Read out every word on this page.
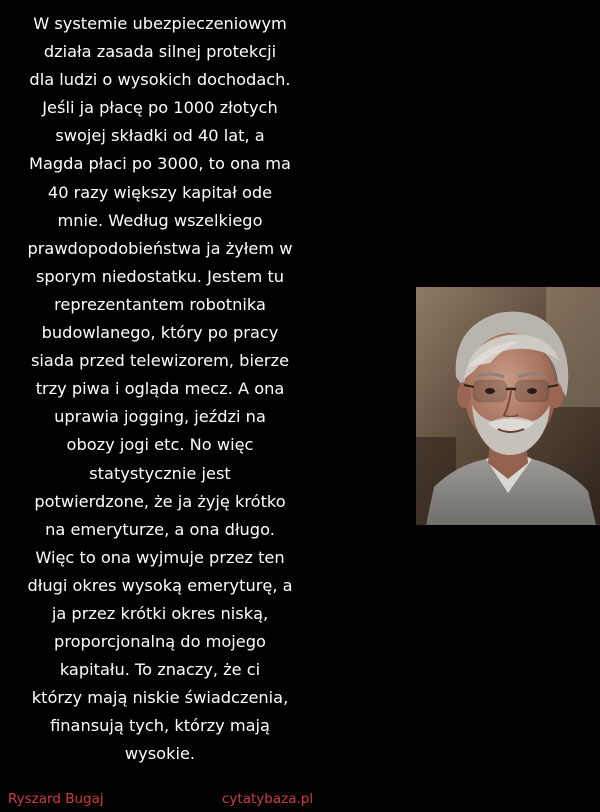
W systemie ubezpieczeniowym
działa zasada silnej protekcji
dla ludzi o wysokich dochodach.
Jeśli ja płacę po 1000 złotych
swojej składki od 40 lat, a
Magda płaci po 3000, to ona ma
40 razy większy kapitał ode
mnie. Według wszelkiego
prawdopodobieństwa ja żyłem w
sporym niedostatku. Jestem tu
reprezentantem robotnika
budowlanego, który po pracy
siada przed telewizorem, bierze
trzy piwa i ogląda mecz. A ona
uprawia jogging, jeździ na
obozy jogi etc. No więc
statystycznie jest
potwierdzone, że ja żyję krótko
na emeryturze, a ona długo.
Więc to ona wyjmuje przez ten
długi okres wysoką emeryturę, a
ja przez krótki okres niską,
proporcjonalną do mojego
kapitału. To znaczy, że ci
którzy mają niskie świadczenia,
finansują tych, którzy mają
wysokie.
Ryszard Bugaj	cytatybaza.pl
